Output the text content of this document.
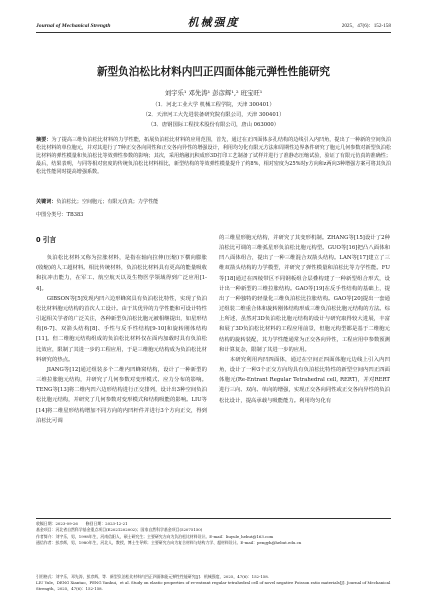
Journal of Mechanical Strength	机械强度	2025，47(6)：152-158
新型负泊松比材料内凹正四面体能元弹性性能研究
刘宇乐¹ 邓先涛¹ 彭彦辉¹,² 班宝旺¹
（1．河北工业大学 机械工程学院，天津 300401）
（2．天津河工大先进装备研究院有限公司，天津 300401）
（3．唐钢国际工程技术股份有限公司，唐山 063000）
摘要：为了提高三维负泊松比材料的力学性能，拓展负泊松比材料的应用范围，首先，通过在正四面体多孔结构的边线引入内凹角，提出了一种新的空间负泊松比材料的单位胞元，并对其进行了7种正交各向同性和正交各向异性的增强设计，利用均匀化有限元方法和周期性边界条件研究了胞元几何参数对新型负泊松比材料的弹性模量和负泊松比等效弹性参数的影响；其次，采用熔融沉积成形3D打印工艺制备了试样并进行了准静态压缩试验，验证了有限元仿真的准确性；最后，结果表明，与同等相对密度的传统负泊松比材料相比，新型结构的等效弹性模量提升了约8%，相对密度为25%时y方向和z两向3种增强方案可将其负泊松比性能同时提高增强系数。
关键词：负泊松比；空间胞元；有限元仿真；力学性能
中图分类号：TB383
0 引言

负泊松比材料又称为拉胀材料，是指在轴向拉伸(压缩)下横向膨胀(收缩)的人工超材料。相比传统材料，负泊松比材料具有更高的能量吸收和抗冲击能力，在军工、航空航天以及生物医学领域得到广泛应用[1-4]。

GIBSON等[5]发现内凹六边形蜂窝具有负泊松比特性，实现了负泊松比材料胞元结构的首次人工设计。由于其优异的力学性能和可设计特性引起相关学者的广泛关注，各种新型负泊松比胞元被相继提出，如星形结构[6-7]、双箭头结构[8]、手性与反手性结构[9-10]和旋转刚体结构[11]。但二维胞元结构组成的负泊松比材料仅在面内加载时具有负泊松比效应，限制了其进一步的工程应用，于是三维胞元结构成为负泊松比材料研究的热点。

JIANG等[12]通过组装多个二维内凹蜂窝结构，设计了一种新型的三维拉胀胞元结构，并研究了几何参数对变形模式、应力分布的影响。TENG等[13]将二维内凹六边形结构进行正交排列，设计出3种空间负泊松比胞元结构，并研究了几何参数对变形模式和结构吸能的影响。LIU等[14]将二维星形结构增加不同方向的内凹杆件并进行3个方向正交，得到泊松比可调

的三维星形胞元结构，并研究了其变形机制。ZHANG等[15]设计了2种泊松比可调的三维弧星形负泊松比胞元构型。GUO等[16]把凸八面体和凹八面体组合，提出了一种三维混合双箭头结构。LAN等[17]建立了三维双箭头结构的力学模型，并研究了弹性模量和泊松比等力学性能。FU等[18]通过在四棱带区不同钢板组合层叠构建了一种新型组合形式，设计出一种新型的三维拉胀结构。GAO等[19]在反手性结构的基础上，提出了一种独特的轻量化三维负泊松比拉胀结构。GAO等[20]提出一套通过组装二维重合体和旋转刚体结构形成三维负泊松比胞元结构的方法。综上所述，虽然对3D负泊松比胞元结构的设计与研究取得较大进展，丰富和展了3D负泊松比材料的工程应用前景，但胞元构型都是基于二维胞元结构的旋转装配，其力学性能通常为正交各向异性，工程应用中参数预测和计算复杂，限制了其进一步的应用。

本研究利用内凹四面体，通过在空间正四面体胞元边线上引入内凹角，设计了一种3个正交方向均具有负泊松比特性的新型空间内凹正四面体胞元(Re-Entrant Regular Tetrahedral cell, RERT)，并对RERT进行三向、双向、单向的增强，实现正交各向同性或正交各向异性的负泊松比设计，提高承载与吸能能力。利用均匀化有

收稿日期：2023-09-26　　修回日期：2023-12-21
基金项目：河北省自然科学基金重点项目(E2021202002)；国家自然科学基金项目(52075150)
作者简介：刘宇乐，男，1998年生，河南信阳人，硕士研究生；主要研究方向为负泊松比材料设计。E-mail：liuyule_hebut@163.com
通信作者：彭彦辉，男，1980年生，河北人，教授，博士生导师；主要研究方向为复合材料与结构力学、超材料设计。E-mail：pengyh@hebut.edu.cn
引用格式：刘宇乐，邓先涛，彭彦辉，等．新型负泊松比材料内凹正四面体能元弹性性能研究[J]．机械强度，2025，47(6)：152-158．
LIU Yule，DENG Xiantao，PENG Yanhui，et al. Study on elastic properties of re-entrant regular tetrahedral cell of novel negative Poisson ratio materials[J]. Journal of Mechanical Strength，2025，47(6)：152-158.
